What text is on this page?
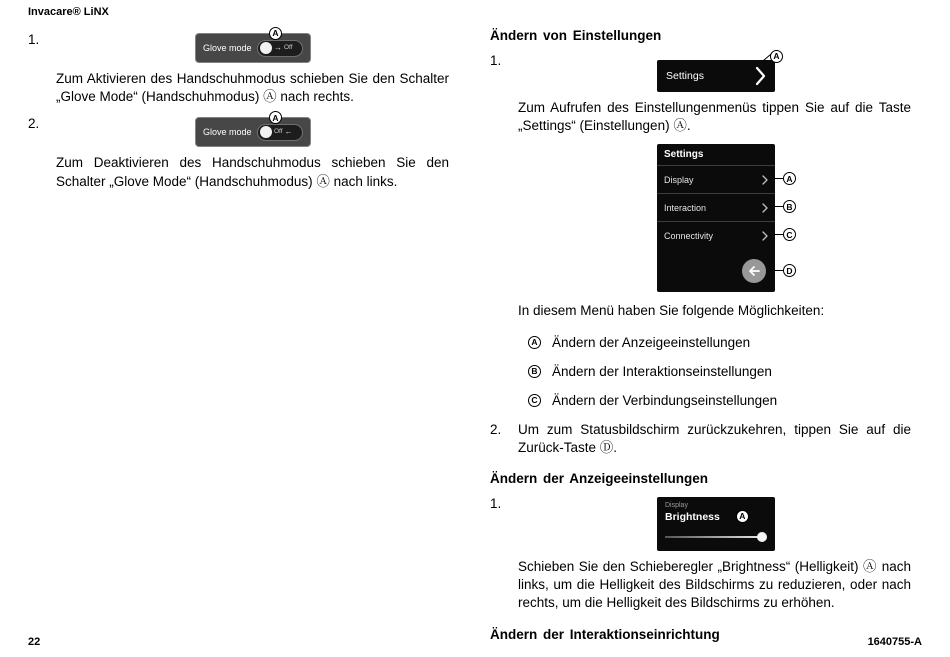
Invacare® LiNX
1.	A
Glove mode	→ Off

Zum Aktivieren des Handschuhmodus schieben Sie den Schalter „Glove Mode“ (Handschuhmodus) Ⓐ nach rechts.

2.	A
Glove mode	Off ←

Zum Deaktivieren des Handschuhmodus schieben Sie den Schalter „Glove Mode“ (Handschuhmodus) Ⓐ nach links.

Ändern von Einstellungen
1.
Settings
A

Zum Aufrufen des Einstellungenmenüs tippen Sie auf die Taste „Settings“ (Einstellungen) Ⓐ.

Settings
Display
Interaction
Connectivity
A
B
C
D

In diesem Menü haben Sie folgende Möglichkeiten:

A Ändern der Anzeigeeinstellungen
B Ändern der Interaktionseinstellungen
C Ändern der Verbindungseinstellungen
2.	Um zum Statusbildschirm zurückzukehren, tippen Sie auf die Zurück-Taste Ⓓ.

Ändern der Anzeigeeinstellungen
1.	Display
Brightness	A

Schieben Sie den Schieberegler „Brightness“ (Helligkeit) Ⓐ nach links, um die Helligkeit des Bildschirms zu reduzieren, oder nach rechts, um die Helligkeit des Bildschirms zu erhöhen.

Ändern der Interaktionseinrichtung
22	1640755-A
